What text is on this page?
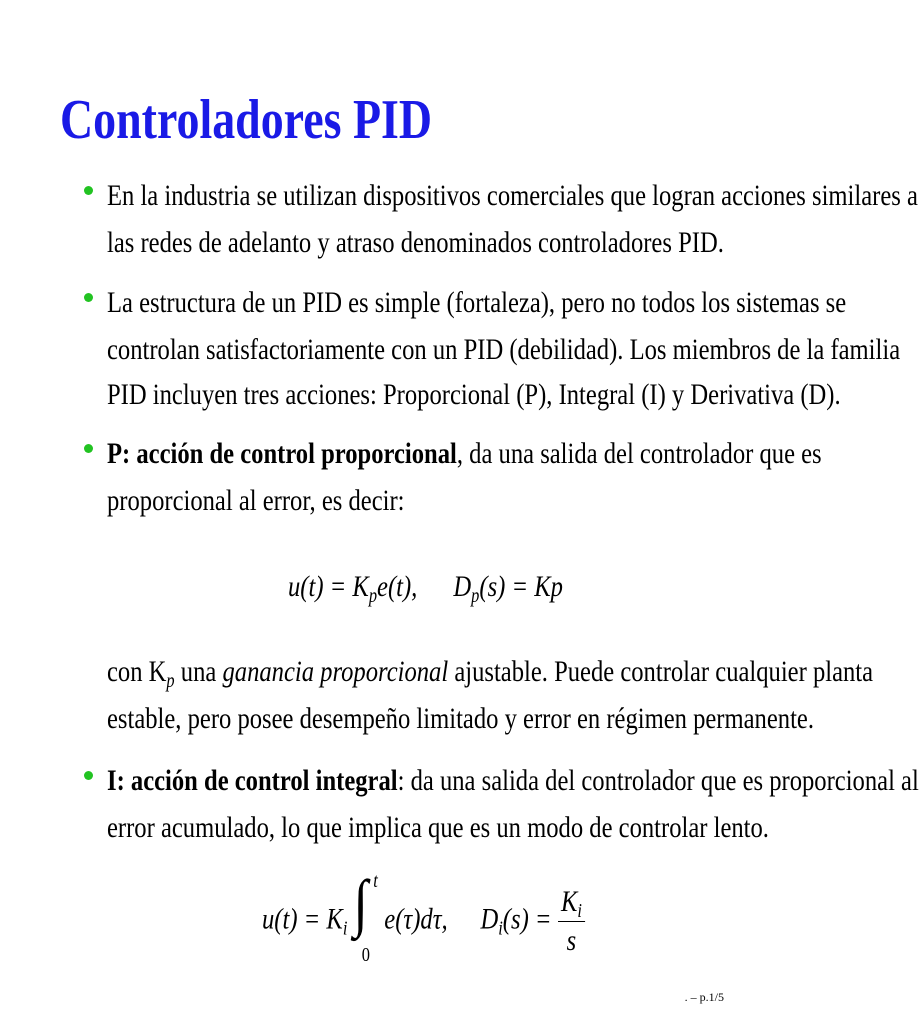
Controladores PID
En la industria se utilizan dispositivos comerciales que logran acciones similares a
las redes de adelanto y atraso denominados controladores PID.
La estructura de un PID es simple (fortaleza), pero no todos los sistemas se
controlan satisfactoriamente con un PID (debilidad). Los miembros de la familia
PID incluyen tres acciones: Proporcional (P), Integral (I) y Derivativa (D).
P: acción de control proporcional, da una salida del controlador que es
proporcional al error, es decir:
$u(t) = K_pe(t)$, $D_p(s) = Kp$
con $K_p$ una ganancia proporcional ajustable. Puede controlar cualquier planta
estable, pero posee desempeño limitado y error en régimen permanente.
I: acción de control integral: da una salida del controlador que es proporcional al
error acumulado, lo que implica que es un modo de controlar lento.
$u(t) = K_i$ ∫ t
0
e(τ)dτ, $D_i(s) = \frac{K_i}{s}$
. – p.1/5
